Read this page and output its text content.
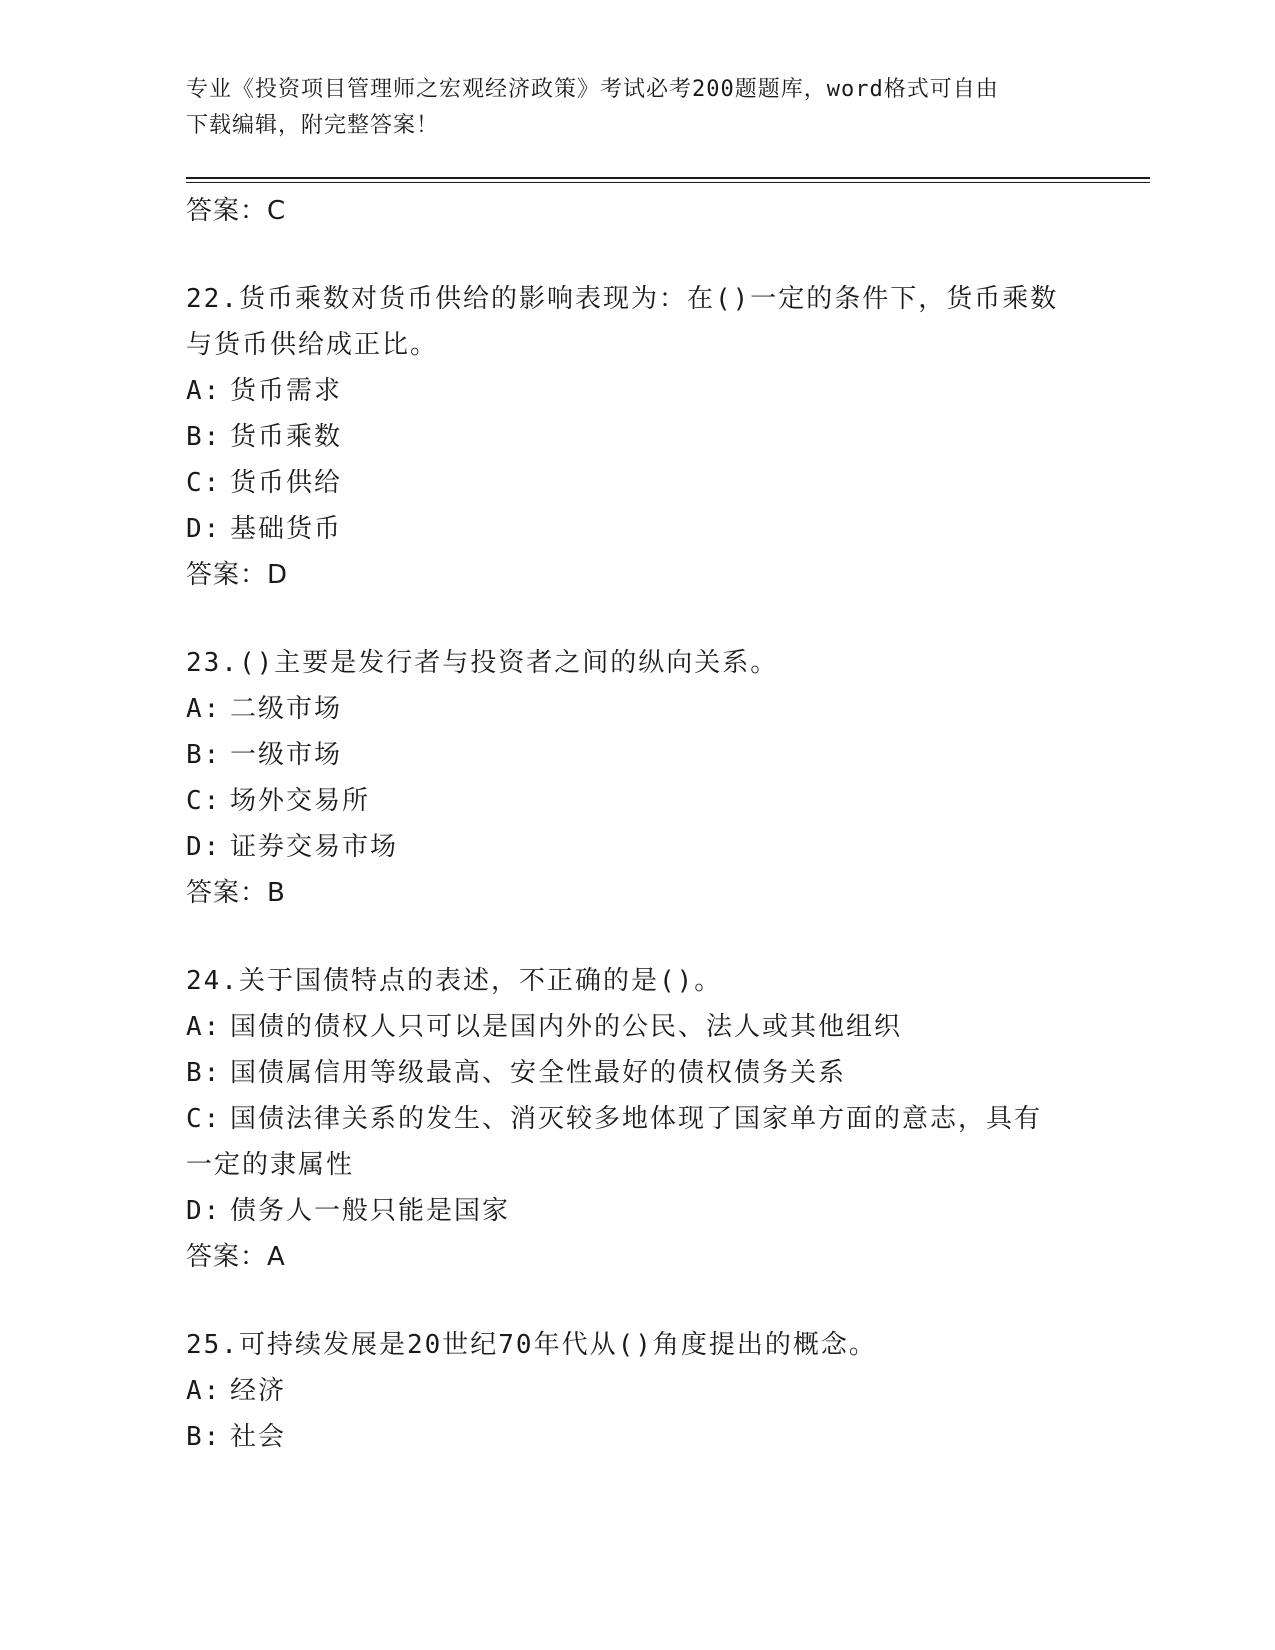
专业《投资项目管理师之宏观经济政策》考试必考200题题库，word格式可自由
下载编辑，附完整答案！
答案：C
22.货币乘数对货币供给的影响表现为：在()一定的条件下，货币乘数
与货币供给成正比。
A: 货币需求
B: 货币乘数
C: 货币供给
D: 基础货币
答案：D
23.()主要是发行者与投资者之间的纵向关系。
A: 二级市场
B: 一级市场
C: 场外交易所
D: 证券交易市场
答案：B
24.关于国债特点的表述，不正确的是()。
A: 国债的债权人只可以是国内外的公民、法人或其他组织
B: 国债属信用等级最高、安全性最好的债权债务关系
C: 国债法律关系的发生、消灭较多地体现了国家单方面的意志，具有
一定的隶属性
D: 债务人一般只能是国家
答案：A
25.可持续发展是20世纪70年代从()角度提出的概念。
A: 经济
B: 社会
